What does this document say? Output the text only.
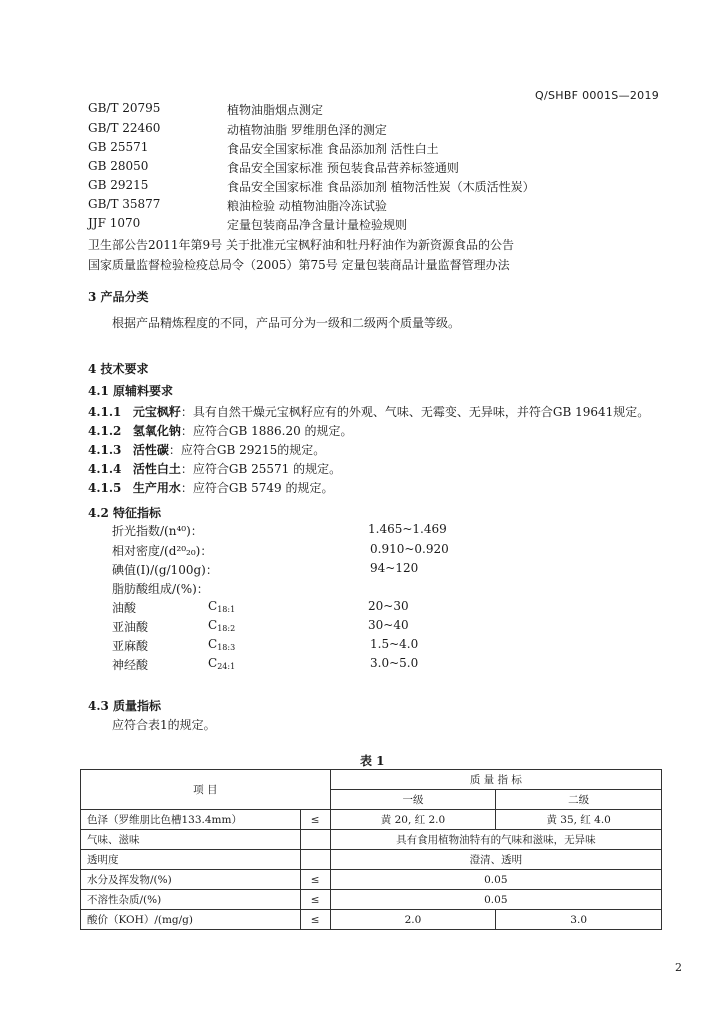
Q/SHBF 0001S—2019
GB/T 20795	植物油脂烟点测定
GB/T 22460	动植物油脂 罗维朋色泽的测定
GB 25571	食品安全国家标准 食品添加剂 活性白土
GB 28050	食品安全国家标准 预包装食品营养标签通则
GB 29215	食品安全国家标准 食品添加剂 植物活性炭（木质活性炭）
GB/T 35877	粮油检验 动植物油脂冷冻试验
JJF 1070	定量包装商品净含量计量检验规则
卫生部公告2011年第9号 关于批准元宝枫籽油和牡丹籽油作为新资源食品的公告
国家质量监督检验检疫总局令（2005）第75号 定量包装商品计量监督管理办法
3 产品分类
根据产品精炼程度的不同，产品可分为一级和二级两个质量等级。
4 技术要求
4.1 原辅料要求
4.1.1 元宝枫籽：具有自然干燥元宝枫籽应有的外观、气味、无霉变、无异味，并符合GB 19641规定。
4.1.2 氢氧化钠：应符合GB 1886.20 的规定。
4.1.3 活性碳：应符合GB 29215的规定。
4.1.4 活性白土：应符合GB 25571 的规定。
4.1.5 生产用水：应符合GB 5749 的规定。
4.2 特征指标
折光指数/(n⁴⁰)：	1.465~1.469
相对密度/(d²⁰₂₀)：	0.910~0.920
碘值(I)/(g/100g)：	94~120
脂肪酸组成/(%)：
油酸	C18:1	20~30
亚油酸	C18:2	30~40
亚麻酸	C18:3	1.5~4.0
神经酸	C24:1	3.0~5.0
4.3 质量指标
应符合表1的规定。
表 1
项 目		质 量 指 标	
		一级	二级
色泽（罗维朋比色槽133.4mm）	≤	黄 20, 红 2.0	黄 35, 红 4.0
气味、滋味		具有食用植物油特有的气味和滋味，无异味	
透明度		澄清、透明	
水分及挥发物/(%)	≤	0.05	
不溶性杂质/(%)	≤	0.05	
酸价（KOH）/(mg/g)	≤	2.0	3.0
2
